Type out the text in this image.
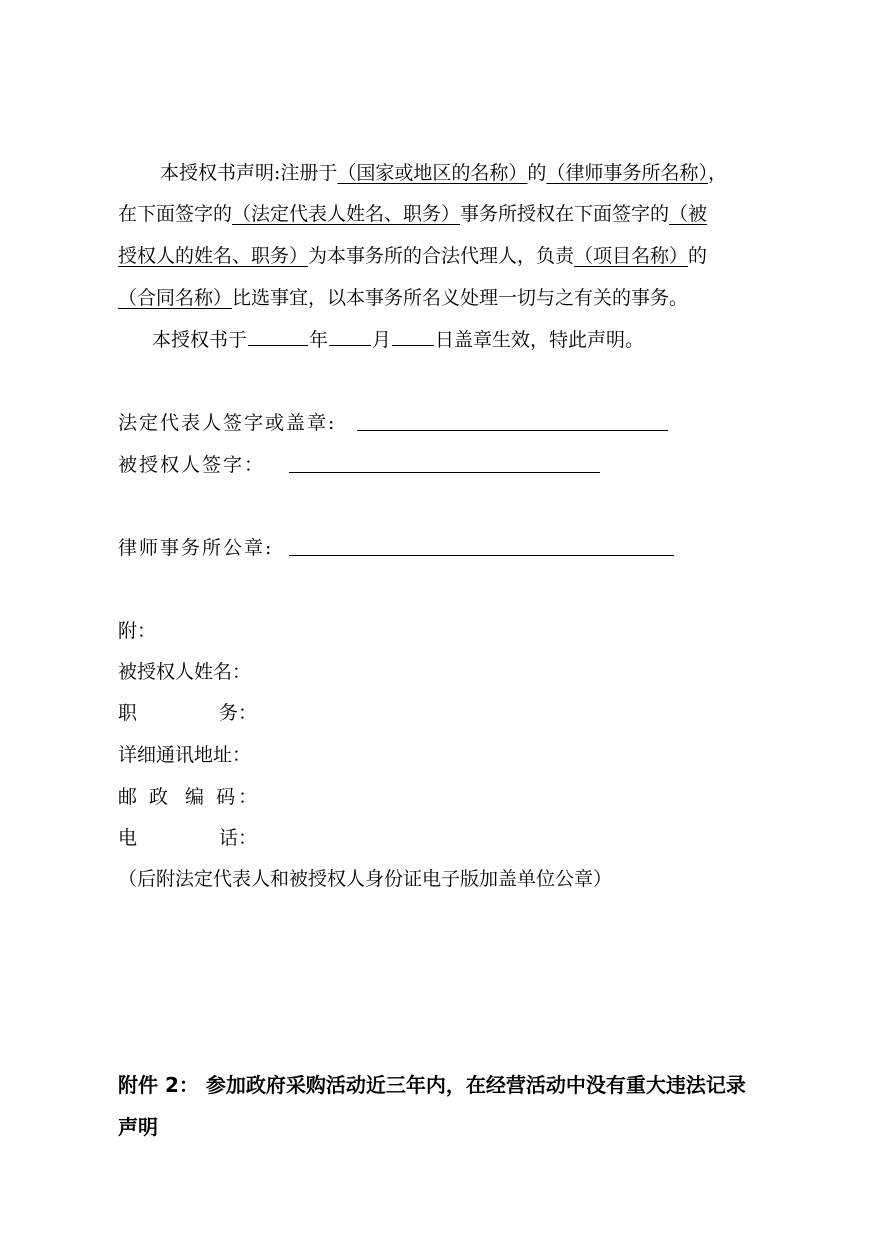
本授权书声明:注册于（国家或地区的名称）的（律师事务所名称），
在下面签字的（法定代表人姓名、职务）事务所授权在下面签字的（被
授权人的姓名、职务）为本事务所的合法代理人，负责（项目名称）的
（合同名称）比选事宜，以本事务所名义处理一切与之有关的事务。
本授权书于	年 月 日盖章生效，特此声明。
法定代表人签字或盖章:
被授权人签字：
律师事务所公章:
附：
被授权人姓名：
职	务：
详细通讯地址：
邮 政 编 码：
电	话：
（后附法定代表人和被授权人身份证电子版加盖单位公章）
附件 2： 参加政府采购活动近三年内，在经营活动中没有重大违法记录
声明
